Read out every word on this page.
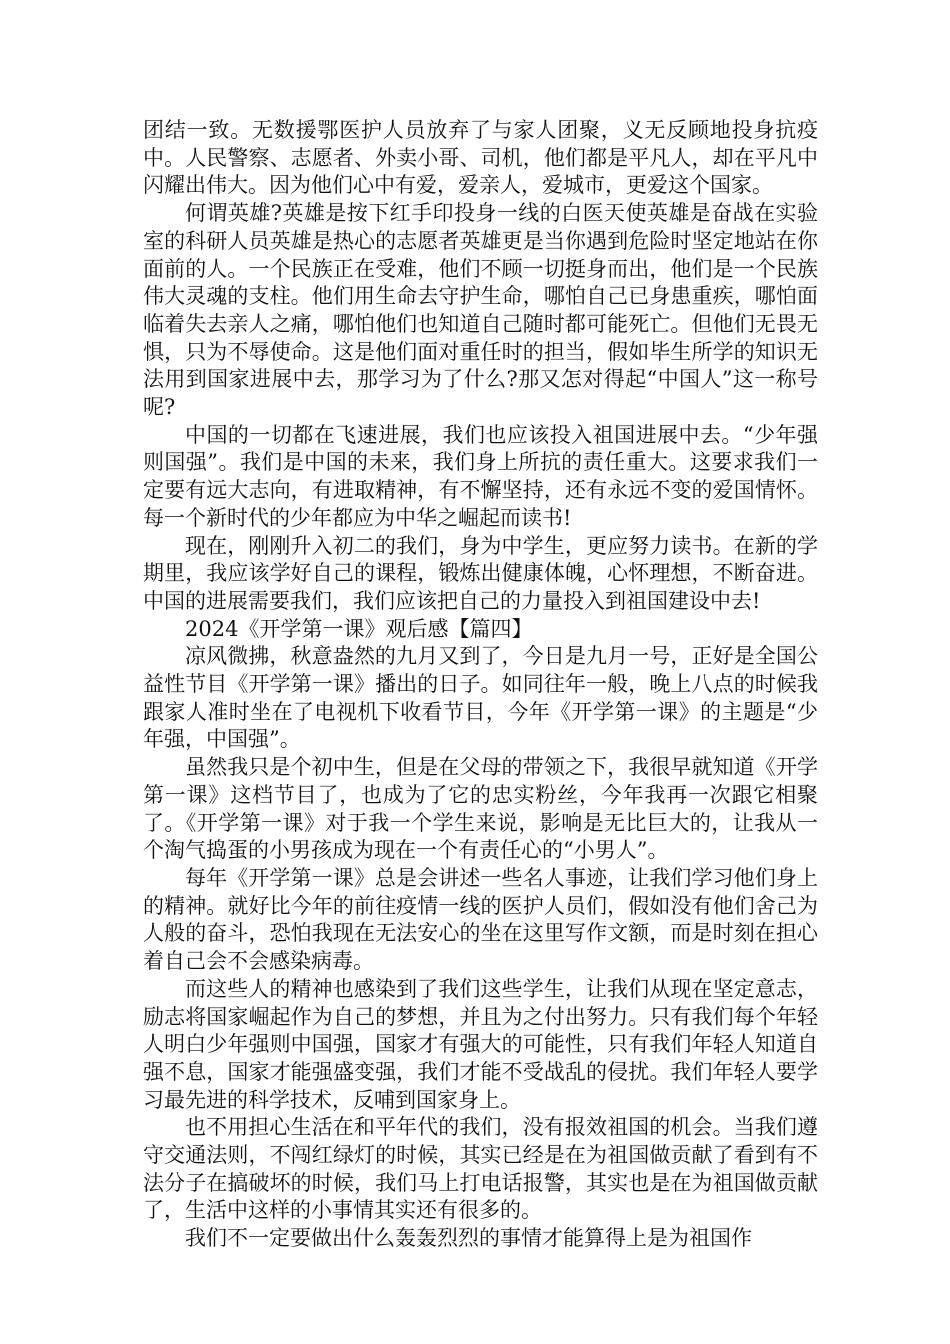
团结一致。无数援鄂医护人员放弃了与家人团聚，义无反顾地投身抗疫中。人民警察、志愿者、外卖小哥、司机，他们都是平凡人，却在平凡中闪耀出伟大。因为他们心中有爱，爱亲人，爱城市，更爱这个国家。

何谓英雄?英雄是按下红手印投身一线的白医天使英雄是奋战在实验室的科研人员英雄是热心的志愿者英雄更是当你遇到危险时坚定地站在你面前的人。一个民族正在受难，他们不顾一切挺身而出，他们是一个民族伟大灵魂的支柱。他们用生命去守护生命，哪怕自己已身患重疾，哪怕面临着失去亲人之痛，哪怕他们也知道自己随时都可能死亡。但他们无畏无惧，只为不辱使命。这是他们面对重任时的担当，假如毕生所学的知识无法用到国家进展中去，那学习为了什么?那又怎对得起“中国人”这一称号呢?

中国的一切都在飞速进展，我们也应该投入祖国进展中去。“少年强则国强”。我们是中国的未来，我们身上所抗的责任重大。这要求我们一定要有远大志向，有进取精神，有不懈坚持，还有永远不变的爱国情怀。每一个新时代的少年都应为中华之崛起而读书!

现在，刚刚升入初二的我们，身为中学生，更应努力读书。在新的学期里，我应该学好自己的课程，锻炼出健康体魄，心怀理想，不断奋进。中国的进展需要我们，我们应该把自己的力量投入到祖国建设中去!

2024《开学第一课》观后感【篇四】

凉风微拂，秋意盎然的九月又到了，今日是九月一号，正好是全国公益性节目《开学第一课》播出的日子。如同往年一般，晚上八点的时候我跟家人准时坐在了电视机下收看节目，今年《开学第一课》的主题是“少年强，中国强”。

虽然我只是个初中生，但是在父母的带领之下，我很早就知道《开学第一课》这档节目了，也成为了它的忠实粉丝，今年我再一次跟它相聚了。《开学第一课》对于我一个学生来说，影响是无比巨大的，让我从一个淘气捣蛋的小男孩成为现在一个有责任心的“小男人”。

每年《开学第一课》总是会讲述一些名人事迹，让我们学习他们身上的精神。就好比今年的前往疫情一线的医护人员们，假如没有他们舍己为人般的奋斗，恐怕我现在无法安心的坐在这里写作文额，而是时刻在担心着自己会不会感染病毒。

而这些人的精神也感染到了我们这些学生，让我们从现在坚定意志，励志将国家崛起作为自己的梦想，并且为之付出努力。只有我们每个年轻人明白少年强则中国强，国家才有强大的可能性，只有我们年轻人知道自强不息，国家才能强盛变强，我们才能不受战乱的侵扰。我们年轻人要学习最先进的科学技术，反哺到国家身上。

也不用担心生活在和平年代的我们，没有报效祖国的机会。当我们遵守交通法则，不闯红绿灯的时候，其实已经是在为祖国做贡献了看到有不法分子在搞破坏的时候，我们马上打电话报警，其实也是在为祖国做贡献了，生活中这样的小事情其实还有很多的。

我们不一定要做出什么轰轰烈烈的事情才能算得上是为祖国作
